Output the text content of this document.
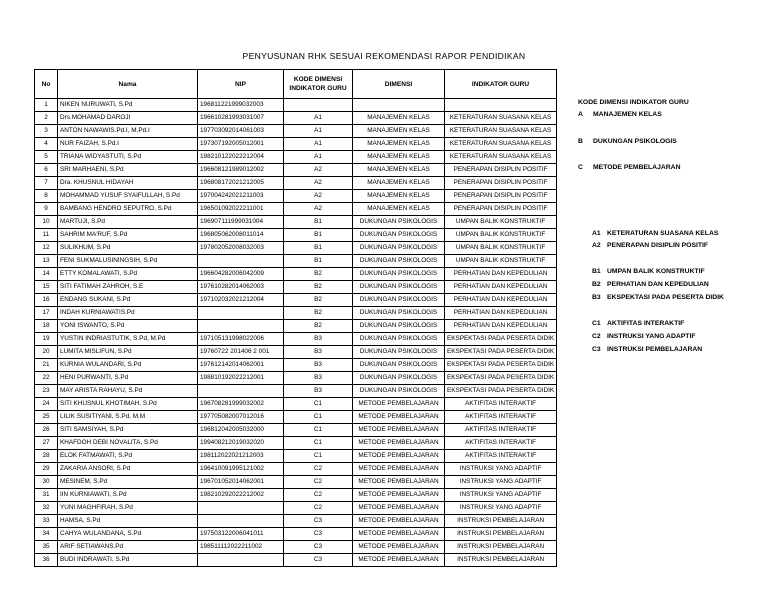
PENYUSUNAN RHK SESUAI REKOMENDASI RAPOR PENDIDIKAN
No	Nama	NIP	KODE DIMENSI INDIKATOR GURU	DIMENSI	INDIKATOR GURU
1	NIKEN NURUWATI, S.Pd	196811221999032003			
2	Drs.MOHAMAD DAROJI	196610281993031007	A1	MANAJEMEN KELAS	KETERATURAN SUASANA KELAS
3	ANTON NAWAWIS.Pd.I, M.Pd.I	197703092014061003	A1	MANAJEMEN KELAS	KETERATURAN SUASANA KELAS
4	NUR FAIZAH, S.Pd.I	197307192005012001	A1	MANAJEMEN KELAS	KETERATURAN SUASANA KELAS
5	TRIANA WIDYASTUTI, S.Pd	198210122022212004	A1	MANAJEMEN KELAS	KETERATURAN SUASANA KELAS
6	SRI MARHAENI, S.Pd	196608121989012002	A2	MANAJEMEN KELAS	PENERAPAN DISIPLIN POSITIF
7	Dra. KHUSNUL HIDAYAH	196808172021212005	A2	MANAJEMEN KELAS	PENERAPAN DISIPLIN POSITIF
8	MOHAMMAD YUSUF SYAIFULLAH, S.Pd	197004242021211003	A2	MANAJEMEN KELAS	PENERAPAN DISIPLIN POSITIF
9	BAMBANG HENDRO SEPUTRO, S.Pd	196501092022211001	A2	MANAJEMEN KELAS	PENERAPAN DISIPLIN POSITIF
10	MARTUJI, S.Pd	196907111999031004	B1	DUKUNGAN PSIKOLOGIS	UMPAN BALIK KONSTRUKTIF
11	SAHRIM MA'RUF, S.Pd	196805062008011014	B1	DUKUNGAN PSIKOLOGIS	UMPAN BALIK KONSTRUKTIF
12	SULIKHUM, S.Pd	197802052008032003	B1	DUKUNGAN PSIKOLOGIS	UMPAN BALIK KONSTRUKTIF
13	FENI SUKMALUSININGSIH, S.Pd		B1	DUKUNGAN PSIKOLOGIS	UMPAN BALIK KONSTRUKTIF
14	ETTY KOMALAWATI, S.Pd	196604282006042009	B2	DUKUNGAN PSIKOLOGIS	PERHATIAN DAN KEPEDULIAN
15	SITI FATIMAH ZAHROH, S.E	197610282014062003	B2	DUKUNGAN PSIKOLOGIS	PERHATIAN DAN KEPEDULIAN
16	ENDANG SUKANI, S.Pd	197102032021212004	B2	DUKUNGAN PSIKOLOGIS	PERHATIAN DAN KEPEDULIAN
17	INDAH KURNIAWATIS.Pd		B2	DUKUNGAN PSIKOLOGIS	PERHATIAN DAN KEPEDULIAN
18	YONI ISWANTO, S.Pd		B2	DUKUNGAN PSIKOLOGIS	PERHATIAN DAN KEPEDULIAN
19	YUSTIN INDRIASTUTIK, S.Pd, M.Pd	197105131998022006	B3	DUKUNGAN PSIKOLOGIS	EKSPEKTASI PADA PESERTA DIDIK
20	LUMITA MISLIFUN, S.Pd	19760722 201406 2 001	B3	DUKUNGAN PSIKOLOGIS	EKSPEKTASI PADA PESERTA DIDIK
21	KURNIA WULANDARI, S.Pd	197612142014062001	B3	DUKUNGAN PSIKOLOGIS	EKSPEKTASI PADA PESERTA DIDIK
22	HENI PURWANTI, S.Pd	198810192022212001	B3	DUKUNGAN PSIKOLOGIS	EKSPEKTASI PADA PESERTA DIDIK
23	MAY ARISTA RAHAYU, S.Pd		B3	DUKUNGAN PSIKOLOGIS	EKSPEKTASI PADA PESERTA DIDIK
24	SITI KHUSNUL KHOTIMAH, S.Pd	196708281999032002	C1	METODE PEMBELAJARAN	AKTIFITAS INTERAKTIF
25	LILIK SUSITIYANI, S.Pd, M.M	197705082007012016	C1	METODE PEMBELAJARAN	AKTIFITAS INTERAKTIF
26	SITI SAMSIYAH, S.Pd	196812042005032000	C1	METODE PEMBELAJARAN	AKTIFITAS INTERAKTIF
27	KHAFDOH DEBI NOVALITA, S.Pd	199408212019032020	C1	METODE PEMBELAJARAN	AKTIFITAS INTERAKTIF
28	ELOK FATMAWATI, S.Pd	198112022021212003	C1	METODE PEMBELAJARAN	AKTIFITAS INTERAKTIF
29	ZAKARIA ANSORI, S.Pd	196410091995121002	C2	METODE PEMBELAJARAN	INSTRUKSI YANG ADAPTIF
30	MESINEM, S.Pd	196701052014062001	C2	METODE PEMBELAJARAN	INSTRUKSI YANG ADAPTIF
31	IIN KURNIAWATI, S.Pd	198210292022212002	C2	METODE PEMBELAJARAN	INSTRUKSI YANG ADAPTIF
32	YUNI MAGHFIRAH, S.Pd		C2	METODE PEMBELAJARAN	INSTRUKSI YANG ADAPTIF
33	HAMSA, S.Pd		C3	METODE PEMBELAJARAN	INSTRUKSI PEMBELAJARAN
34	CAHYA WULANDANA, S.Pd	197503122006041011	C3	METODE PEMBELAJARAN	INSTRUKSI PEMBELAJARAN
35	ARIF SETIAWANS.Pd	198511112022211002	C3	METODE PEMBELAJARAN	INSTRUKSI PEMBELAJARAN
36	BUDI INDRAWATI, S.Pd		C3	METODE PEMBELAJARAN	INSTRUKSI PEMBELAJARAN
KODE DIMENSI INDIKATOR GURU
A MANAJEMEN KELAS
B DUKUNGAN PSIKOLOGIS
C METODE PEMBELAJARAN
A1 KETERATURAN SUASANA KELAS
A2 PENERAPAN DISIPLIN POSITIF
B1 UMPAN BALIK KONSTRUKTIF
B2 PERHATIAN DAN KEPEDULIAN
B3 EKSPEKTASI PADA PESERTA DIDIK
C1 AKTIFITAS INTERAKTIF
C2 INSTRUKSI YANG ADAPTIF
C3 INSTRUKSI PEMBELAJARAN
